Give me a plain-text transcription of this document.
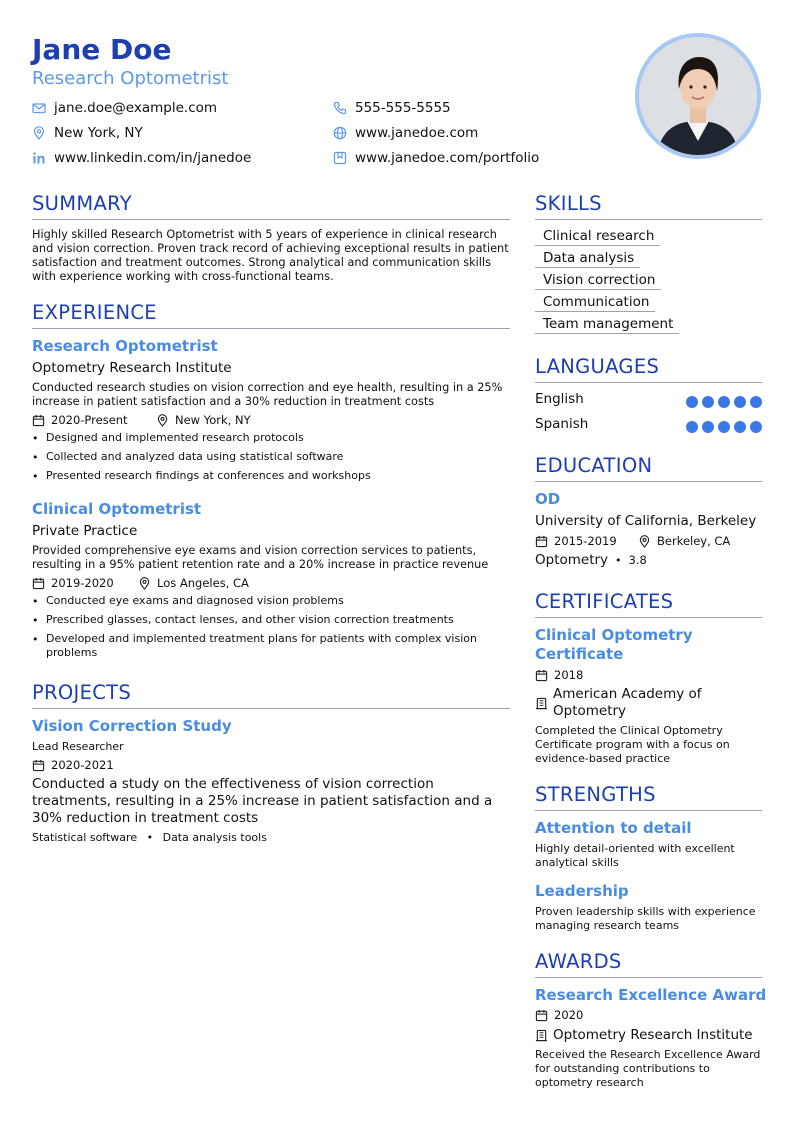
Jane Doe
Research Optometrist
jane.doe@example.com	555-555-5555
New York, NY	www.janedoe.com
www.linkedin.com/in/janedoe	www.janedoe.com/portfolio
SUMMARY
Highly skilled Research Optometrist with 5 years of experience in clinical research and vision correction. Proven track record of achieving exceptional results in patient satisfaction and treatment outcomes. Strong analytical and communication skills with experience working with cross-functional teams.
EXPERIENCE
Research Optometrist
Optometry Research Institute
Conducted research studies on vision correction and eye health, resulting in a 25% increase in patient satisfaction and a 30% reduction in treatment costs
2020-Present	New York, NY
• Designed and implemented research protocols
• Collected and analyzed data using statistical software
• Presented research findings at conferences and workshops
Clinical Optometrist
Private Practice
Provided comprehensive eye exams and vision correction services to patients, resulting in a 95% patient retention rate and a 20% increase in practice revenue
2019-2020	Los Angeles, CA
• Conducted eye exams and diagnosed vision problems
• Prescribed glasses, contact lenses, and other vision correction treatments
• Developed and implemented treatment plans for patients with complex vision problems
PROJECTS
Vision Correction Study
Lead Researcher
2020-2021
Conducted a study on the effectiveness of vision correction treatments, resulting in a 25% increase in patient satisfaction and a 30% reduction in treatment costs
Statistical software • Data analysis tools
SKILLS
Clinical research
Data analysis
Vision correction
Communication
Team management
LANGUAGES
English
Spanish
EDUCATION
OD
University of California, Berkeley
2015-2019	Berkeley, CA
Optometry • 3.8
CERTIFICATES
Clinical Optometry Certificate
2018
American Academy of Optometry
Completed the Clinical Optometry Certificate program with a focus on evidence-based practice
STRENGTHS
Attention to detail
Highly detail-oriented with excellent analytical skills
Leadership
Proven leadership skills with experience managing research teams
AWARDS
Research Excellence Award
2020
Optometry Research Institute
Received the Research Excellence Award for outstanding contributions to optometry research
